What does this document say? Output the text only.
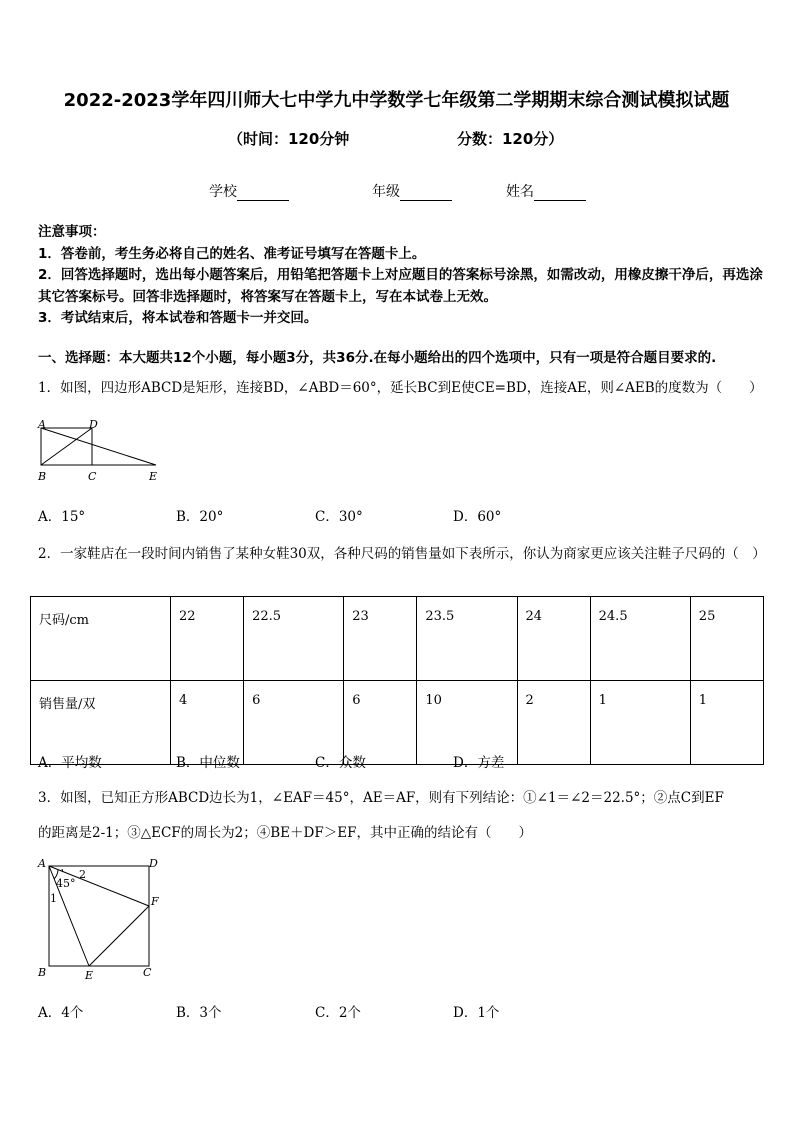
2022-2023学年四川师大七中学九中学数学七年级第二学期期末综合测试模拟试题
（时间：120分钟	分数：120分）
学校	年级	姓名

注意事项：

1．答卷前，考生务必将自己的姓名、准考证号填写在答题卡上。

2．回答选择题时，选出每小题答案后，用铅笔把答题卡上对应题目的答案标号涂黑，如需改动，用橡皮擦干净后，再选涂其它答案标号。回答非选择题时，将答案写在答题卡上，写在本试卷上无效。

3．考试结束后，将本试卷和答题卡一并交回。

一、选择题：本大题共12个小题，每小题3分，共36分.在每小题给出的四个选项中，只有一项是符合题目要求的.
1．如图，四边形ABCD是矩形，连接BD，∠ABD＝60°，延长BC到E使CE=BD，连接AE，则∠AEB的度数为（　　）
A	D
B	C	E
A．15°	B．20°	C．30°	D．60°
2．一家鞋店在一段时间内销售了某种女鞋30双，各种尺码的销售量如下表所示，你认为商家更应该关注鞋子尺码的（　）
尺码/cm	22	22.5	23	23.5	24	24.5	25
销售量/双	4	6	6	10	2	1	1
A．平均数	B．中位数	C．众数	D．方差
3．如图，已知正方形ABCD边长为1，∠EAF＝45°，AE＝AF，则有下列结论：①∠1＝∠2＝22.5°；②点C到EF
的距离是2-1；③△ECF的周长为2；④BE＋DF＞EF，其中正确的结论有（　　）
A	D
2
45°
1	F
B	E	C
A．4个	B．3个	C．2个	D．1个
